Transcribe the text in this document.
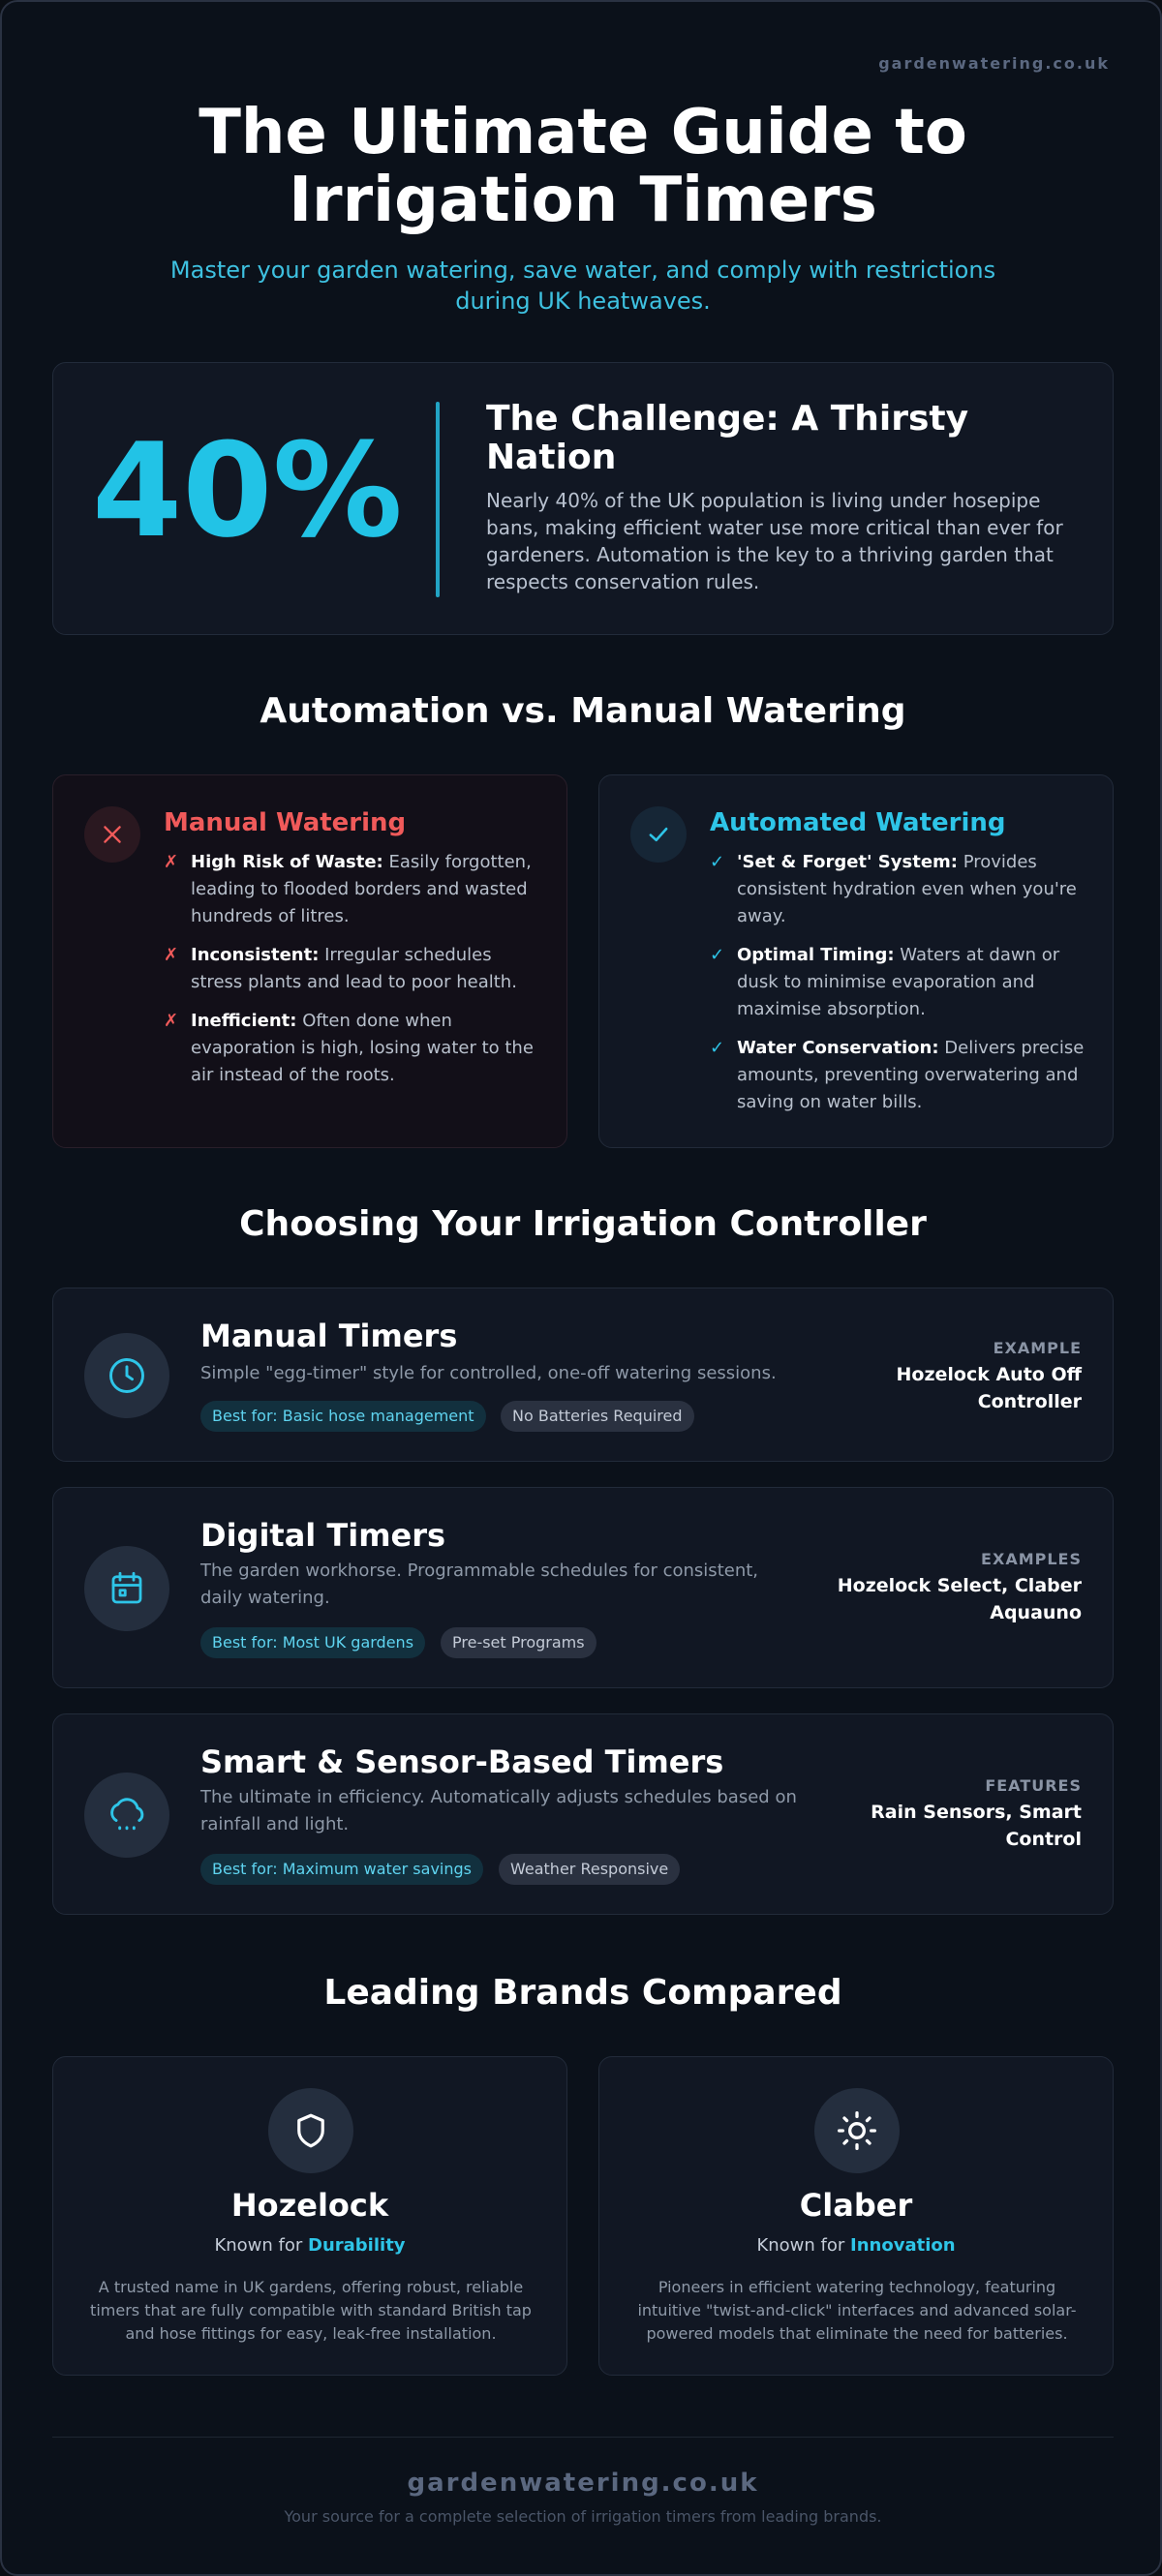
gardenwatering.co.uk
The Ultimate Guide to Irrigation Timers

Master your garden watering, save water, and comply with restrictions during UK heatwaves.

40% The Challenge: A Thirsty Nation
Nearly 40% of the UK population is living under hosepipe bans, making efficient water use more critical than ever for gardeners. Automation is the key to a thriving garden that respects conservation rules.
Automation vs. Manual Watering
Manual Watering
✗ High Risk of Waste: Easily forgotten, leading to flooded borders and wasted hundreds of litres.
✗ Inconsistent: Irregular schedules stress plants and lead to poor health.
✗ Inefficient: Often done when evaporation is high, losing water to the air instead of the roots.
Automated Watering
✓ 'Set & Forget' System: Provides consistent hydration even when you're away.
✓ Optimal Timing: Waters at dawn or dusk to minimise evaporation and maximise absorption.
✓ Water Conservation: Delivers precise amounts, preventing overwatering and saving on water bills.
Choosing Your Irrigation Controller
Manual Timers
Simple "egg-timer" style for controlled, one-off watering sessions.
Best for: Basic hose management	No Batteries Required
EXAMPLE
Hozelock Auto Off Controller
Digital Timers
The garden workhorse. Programmable schedules for consistent, daily watering.
Best for: Most UK gardens	Pre-set Programs
EXAMPLES
Hozelock Select, Claber Aquauno
Smart & Sensor-Based Timers
The ultimate in efficiency. Automatically adjusts schedules based on rainfall and light.
Best for: Maximum water savings	Weather Responsive
FEATURES
Rain Sensors, Smart Control
Leading Brands Compared
Hozelock
Known for Durability
A trusted name in UK gardens, offering robust, reliable timers that are fully compatible with standard British tap and hose fittings for easy, leak-free installation.
Claber
Known for Innovation
Pioneers in efficient watering technology, featuring intuitive "twist-and-click" interfaces and advanced solar-powered models that eliminate the need for batteries.
gardenwatering.co.uk
Your source for a complete selection of irrigation timers from leading brands.
